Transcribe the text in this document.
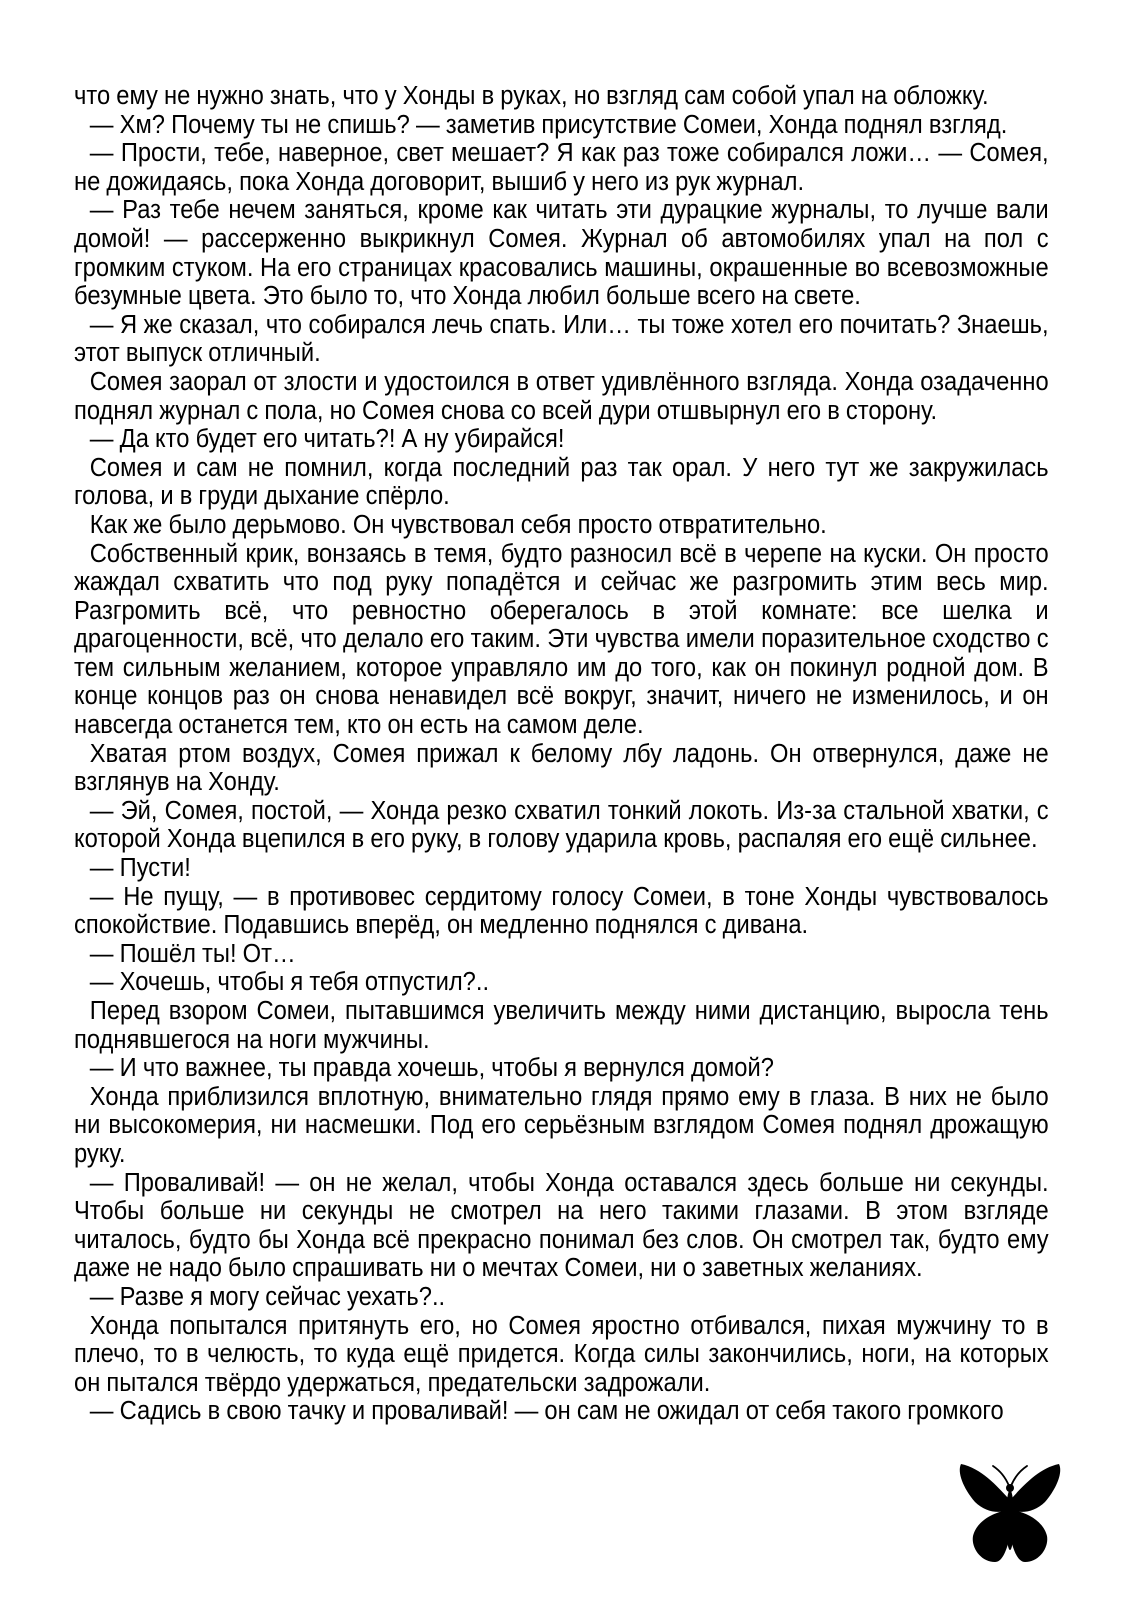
что ему не нужно знать, что у Хонды в руках, но взгляд сам собой упал на обложку.

— Хм? Почему ты не спишь? — заметив присутствие Сомеи, Хонда поднял взгляд.

— Прости, тебе, наверное, свет мешает? Я как раз тоже собирался ложи… — Сомея, не дожидаясь, пока Хонда договорит, вышиб у него из рук журнал.

— Раз тебе нечем заняться, кроме как читать эти дурацкие журналы, то лучше вали домой! — рассерженно выкрикнул Сомея. Журнал об автомобилях упал на пол с громким стуком. На его страницах красовались машины, окрашенные во всевозможные безумные цвета. Это было то, что Хонда любил больше всего на свете.

— Я же сказал, что собирался лечь спать. Или… ты тоже хотел его почитать? Знаешь, этот выпуск отличный.

Сомея заорал от злости и удостоился в ответ удивлённого взгляда. Хонда озадаченно поднял журнал с пола, но Сомея снова со всей дури отшвырнул его в сторону.

— Да кто будет его читать?! А ну убирайся!

Сомея и сам не помнил, когда последний раз так орал. У него тут же закружилась голова, и в груди дыхание спёрло.

Как же было дерьмово. Он чувствовал себя просто отвратительно.

Собственный крик, вонзаясь в темя, будто разносил всё в черепе на куски. Он просто жаждал схватить что под руку попадётся и сейчас же разгромить этим весь мир. Разгромить всё, что ревностно оберегалось в этой комнате: все шелка и драгоценности, всё, что делало его таким. Эти чувства имели поразительное сходство с тем сильным желанием, которое управляло им до того, как он покинул родной дом. В конце концов раз он снова ненавидел всё вокруг, значит, ничего не изменилось, и он навсегда останется тем, кто он есть на самом деле.

Хватая ртом воздух, Сомея прижал к белому лбу ладонь. Он отвернулся, даже не взглянув на Хонду.

— Эй, Сомея, постой, — Хонда резко схватил тонкий локоть. Из-за стальной хватки, с которой Хонда вцепился в его руку, в голову ударила кровь, распаляя его ещё сильнее.

— Пусти!

— Не пущу, — в противовес сердитому голосу Сомеи, в тоне Хонды чувствовалось спокойствие. Подавшись вперёд, он медленно поднялся с дивана.

— Пошёл ты! От…

— Хочешь, чтобы я тебя отпустил?..

Перед взором Сомеи, пытавшимся увеличить между ними дистанцию, выросла тень поднявшегося на ноги мужчины.

— И что важнее, ты правда хочешь, чтобы я вернулся домой?

Хонда приблизился вплотную, внимательно глядя прямо ему в глаза. В них не было ни высокомерия, ни насмешки. Под его серьёзным взглядом Сомея поднял дрожащую руку.

— Проваливай! — он не желал, чтобы Хонда оставался здесь больше ни секунды. Чтобы больше ни секунды не смотрел на него такими глазами. В этом взгляде читалось, будто бы Хонда всё прекрасно понимал без слов. Он смотрел так, будто ему даже не надо было спрашивать ни о мечтах Сомеи, ни о заветных желаниях.

— Разве я могу сейчас уехать?..

Хонда попытался притянуть его, но Сомея яростно отбивался, пихая мужчину то в плечо, то в челюсть, то куда ещё придется. Когда силы закончились, ноги, на которых он пытался твёрдо удержаться, предательски задрожали.

— Садись в свою тачку и проваливай! — он сам не ожидал от себя такого громкого
